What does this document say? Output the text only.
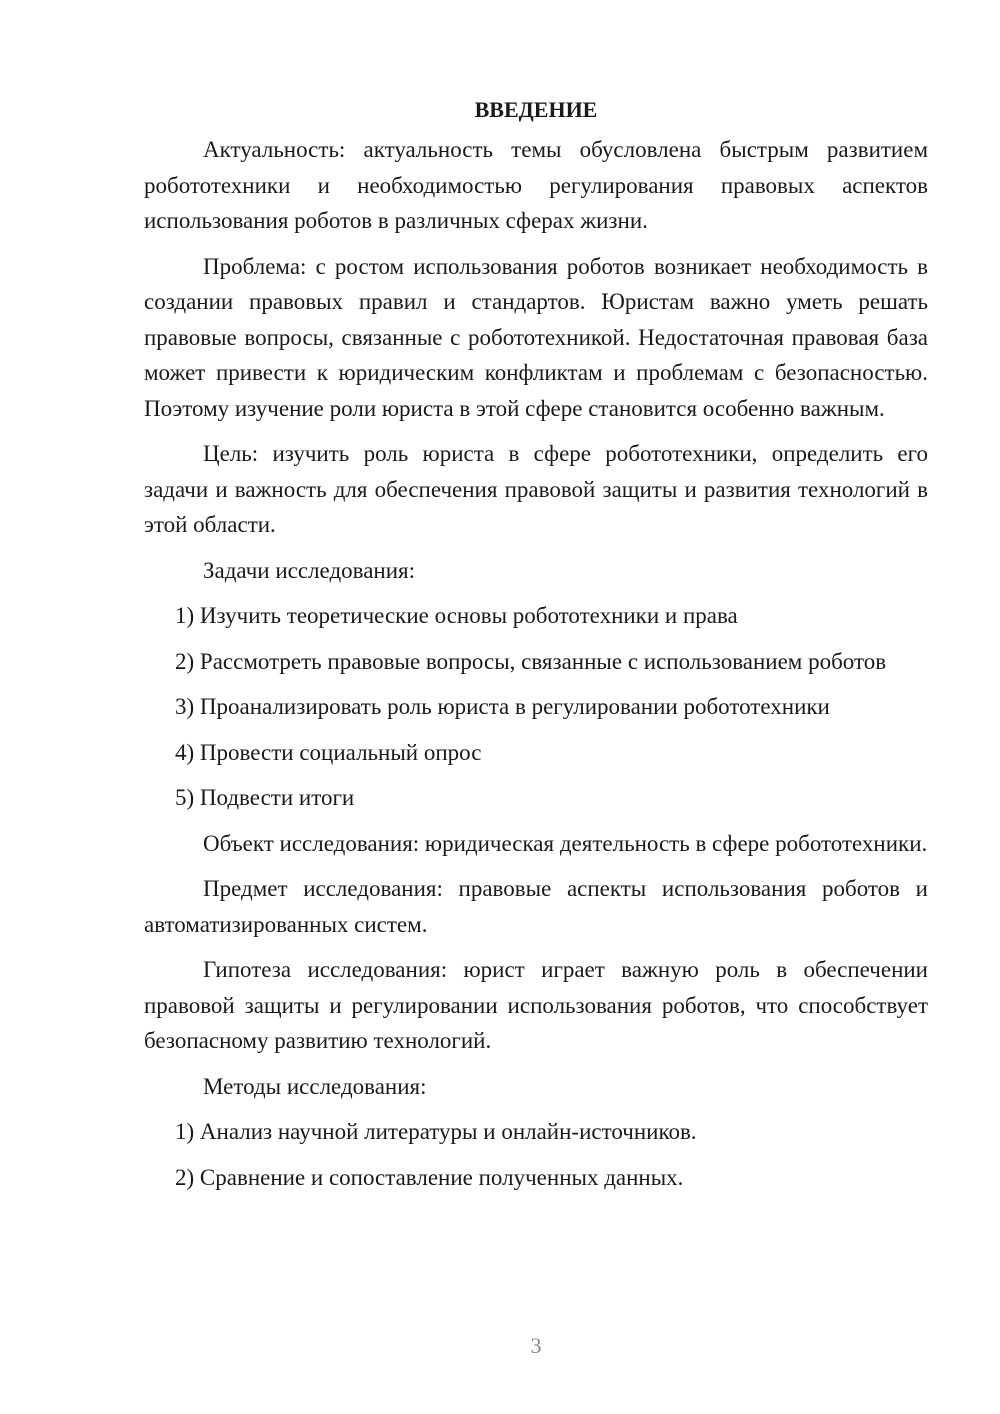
ВВЕДЕНИЕ

Актуальность: актуальность темы обусловлена быстрым развитием робототехники и необходимостью регулирования правовых аспектов использования роботов в различных сферах жизни.

Проблема: с ростом использования роботов возникает необходимость в создании правовых правил и стандартов. Юристам важно уметь решать правовые вопросы, связанные с робототехникой. Недостаточная правовая база может привести к юридическим конфликтам и проблемам с безопасностью. Поэтому изучение роли юриста в этой сфере становится особенно важным.

Цель: изучить роль юриста в сфере робототехники, определить его задачи и важность для обеспечения правовой защиты и развития технологий в этой области.

Задачи исследования:

1) Изучить теоретические основы робототехники и права

2) Рассмотреть правовые вопросы, связанные с использованием роботов

3) Проанализировать роль юриста в регулировании робототехники

4) Провести социальный опрос

5) Подвести итоги

Объект исследования: юридическая деятельность в сфере робототехники.

Предмет исследования: правовые аспекты использования роботов и автоматизированных систем.

Гипотеза исследования: юрист играет важную роль в обеспечении правовой защиты и регулировании использования роботов, что способствует безопасному развитию технологий.

Методы исследования:

1) Анализ научной литературы и онлайн-источников.

2) Сравнение и сопоставление полученных данных.

3
